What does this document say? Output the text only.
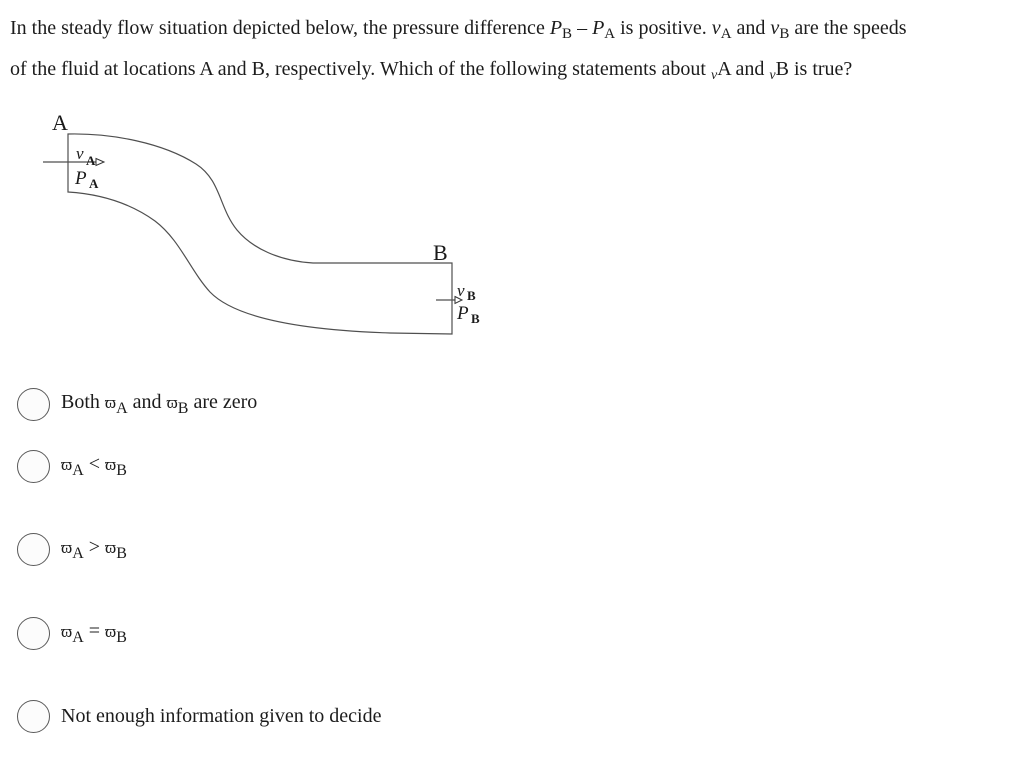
In the steady flow situation depicted below, the pressure difference $P_B - P_A$ is positive. $v_A$ and $v_B$ are the speeds
of the fluid at locations A and B, respectively. Which of the following statements about $_v$A and $_v$B is true?
A
B
v A
P A
v B
P B
Both $ϖ_A$ and $ϖ_B$ are zero
$ϖ_A < ϖ_B$
$ϖ_A > ϖ_B$
$ϖ_A = ϖ_B$
Not enough information given to decide
